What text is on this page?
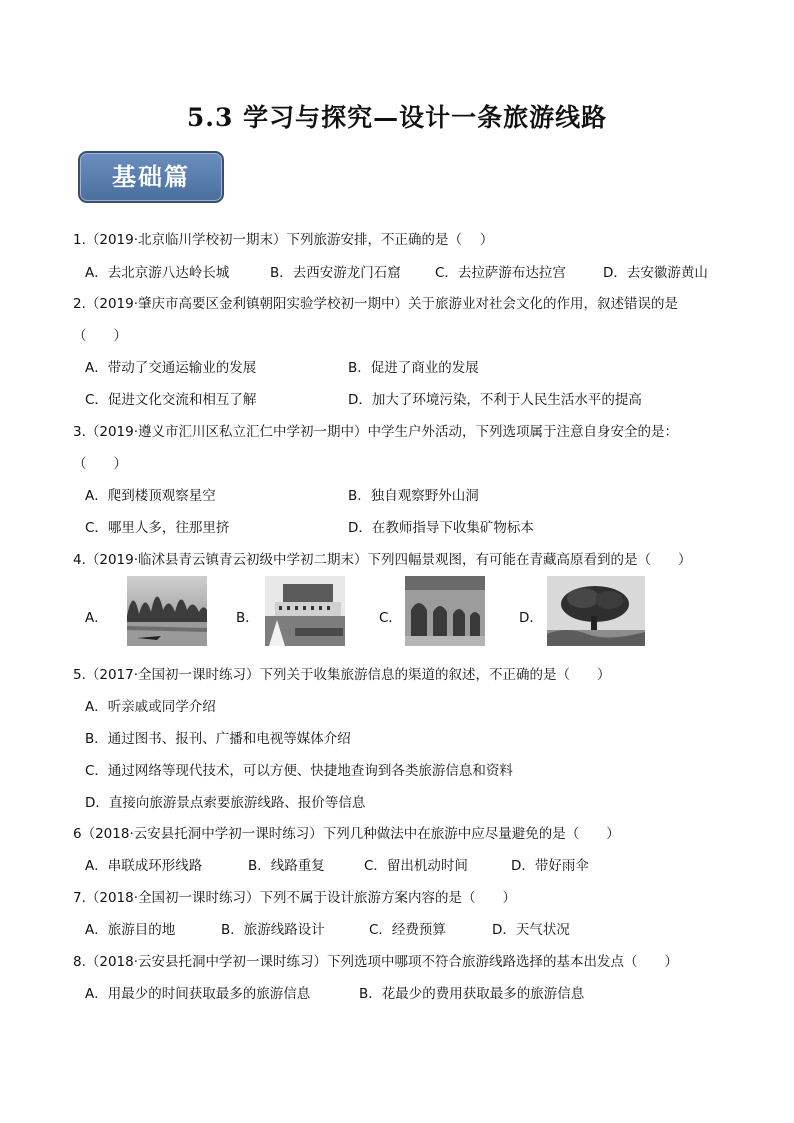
5.3 学习与探究—设计一条旅游线路
基础篇
1.（2019·北京临川学校初一期末）下列旅游安排，不正确的是（　 ）
A．去北京游八达岭长城	B．去西安游龙门石窟	C．去拉萨游布达拉宫	D．去安徽游黄山
2.（2019·肇庆市高要区金利镇朝阳实验学校初一期中）关于旅游业对社会文化的作用，叙述错误的是
（　　）
A．带动了交通运输业的发展	B．促进了商业的发展
C．促进文化交流和相互了解	D．加大了环境污染，不利于人民生活水平的提高
3.（2019·遵义市汇川区私立汇仁中学初一期中）中学生户外活动，下列选项属于注意自身安全的是：
（　　）
A．爬到楼顶观察星空	B．独自观察野外山洞
C．哪里人多，往那里挤	D．在教师指导下收集矿物标本
4.（2019·临沭县青云镇青云初级中学初二期末）下列四幅景观图，有可能在青藏高原看到的是（　　）
A．	B．	C．	D．
5.（2017·全国初一课时练习）下列关于收集旅游信息的渠道的叙述，不正确的是（　　）
A．听亲戚或同学介绍
B．通过图书、报刊、广播和电视等媒体介绍
C．通过网络等现代技术，可以方便、快捷地查询到各类旅游信息和资料
D．直接向旅游景点索要旅游线路、报价等信息
6（2018·云安县托洞中学初一课时练习）下列几种做法中在旅游中应尽量避免的是（　　）
A．串联成环形线路	B．线路重复	C．留出机动时间	D．带好雨伞
7.（2018·全国初一课时练习）下列不属于设计旅游方案内容的是（　　）
A．旅游目的地	B．旅游线路设计	C．经费预算	D．天气状况
8.（2018·云安县托洞中学初一课时练习）下列选项中哪项不符合旅游线路选择的基本出发点（　　）
A．用最少的时间获取最多的旅游信息	B．花最少的费用获取最多的旅游信息
